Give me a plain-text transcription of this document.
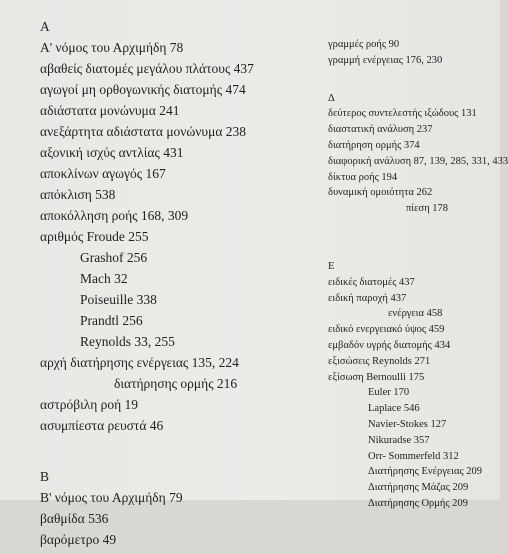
A
Α' νόμος του Αρχιμήδη 78
αβαθείς διατομές μεγάλου πλάτους 437
αγωγοί μη ορθογωνικής διατομής 474
αδιάστατα μονώνυμα 241
ανεξάρτητα αδιάστατα μονώνυμα 238
αξονική ισχύς αντλίας 431
αποκλίνων αγωγός 167
απόκλιση 538
αποκόλληση ροής 168, 309
αριθμός Froude 255
Grashof 256
Mach 32
Poiseuille 338
Prandtl 256
Reynolds 33, 255
αρχή διατήρησης ενέργειας 135, 224
διατήρησης ορμής 216
αστρόβιλη ροή 19
ασυμπίεστα ρευστά 46
Β
Β' νόμος του Αρχιμήδη 79
βαθμίδα 536
βαρόμετρο 49
γραμμές ροής 90
γραμμή ενέργειας 176, 230
Δ
δεύτερος συντελεστής ιξώδους 131
διαστατική ανάλυση 237
διατήρηση ορμής 374
διαφορική ανάλυση 87, 139, 285, 331, 433
δίκτυα ροής 194
δυναμική ομοιότητα 262
πίεση 178
Ε
ειδικές διατομές 437
ειδική παροχή 437
ενέργεια 458
ειδικό ενεργειακό ύψος 459
εμβαδόν υγρής διατομής 434
εξισώσεις Reynolds 271
εξίσωση Bernoulli 175
Euler 170
Laplace 546
Navier-Stokes 127
Nikuradse 357
Orr- Sommerfeld 312
Διατήρησης Ενέργειας 209
Διατήρησης Μάζας 209
Διατήρησης Ορμής 209
